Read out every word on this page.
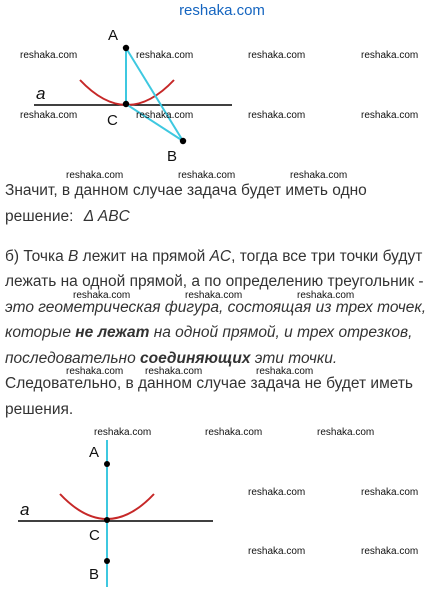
reshaka.com
A
a
C
B
reshaka.com	reshaka.com	reshaka.com	reshaka.com
reshaka.com	reshaka.com	reshaka.com	reshaka.com
reshaka.com	reshaka.com	reshaka.com
Значит, в данном случае задача будет иметь одно
решение: Δ ABC
б) Точка B лежит на прямой AC, тогда все три точки будут
лежать на одной прямой, а по определению треугольник -
это геометрическая фигура, состоящая из трех точек,
которые не лежат на одной прямой, и трех отрезков,
последовательно соединяющих эти точки.
Следовательно, в данном случае задача не будет иметь
решения.
reshaka.com	reshaka.com	reshaka.com
reshaka.com reshaka.com	reshaka.com
A
a
C
B
reshaka.com	reshaka.com	reshaka.com
reshaka.com	reshaka.com
reshaka.com	reshaka.com
